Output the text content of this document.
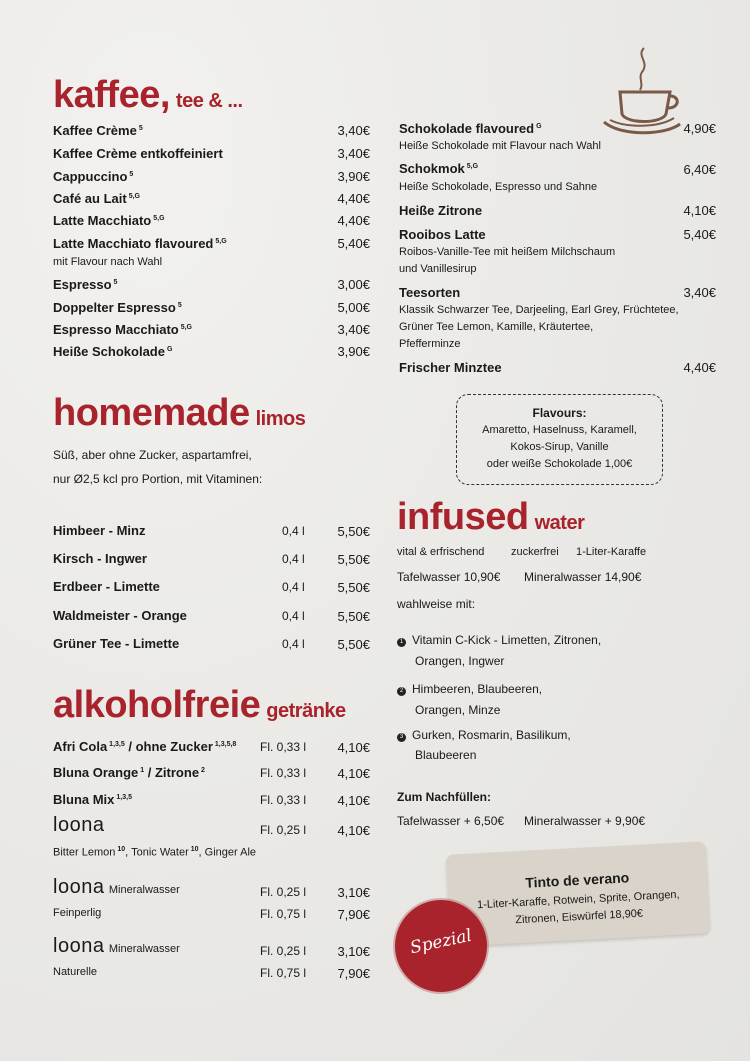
kaffee, tee & ...
Kaffee Crème $^5$	3,40€
Kaffee Crème entkoffeiniert	3,40€
Cappuccino $^5$	3,90€
Café au Lait $^{5,G}$	4,40€
Latte Macchiato $^{5,G}$	4,40€
Latte Macchiato flavoured $^{5,G}$	5,40€
mit Flavour nach Wahl
Espresso $^5$	3,00€
Doppelter Espresso $^5$	5,00€
Espresso Macchiato $^{5,G}$	3,40€
Heiße Schokolade $^G$	3,90€
Schokolade flavoured $^G$	4,90€
Heiße Schokolade mit Flavour nach Wahl
Schokmok $^{5,G}$	6,40€
Heiße Schokolade, Espresso und Sahne
Heiße Zitrone	4,10€
Rooibos Latte	5,40€
Roibos-Vanille-Tee mit heißem Milchschaum
und Vanillesirup
Teesorten	3,40€
Klassik Schwarzer Tee, Darjeeling, Earl Grey, Früchtetee,
Grüner Tee Lemon, Kamille, Kräutertee,
Pfefferminze
Frischer Minztee	4,40€
Flavours:
Amaretto, Haselnuss, Karamell,
Kokos-Sirup, Vanille
oder weiße Schokolade 1,00€
homemade limos
Süß, aber ohne Zucker, aspartamfrei,
nur Ø2,5 kcl pro Portion, mit Vitaminen:
Himbeer - Minz	0,4 l	5,50€
Kirsch - Ingwer	0,4 l	5,50€
Erdbeer - Limette	0,4 l	5,50€
Waldmeister - Orange	0,4 l	5,50€
Grüner Tee - Limette	0,4 l	5,50€
infused water
vital & erfrischend zuckerfrei 1-Liter-Karaffe
Tafelwasser 10,90€ Mineralwasser 14,90€
wahlweise mit:
1 Vitamin C-Kick - Limetten, Zitronen,
Orangen, Ingwer
2 Himbeeren, Blaubeeren,
Orangen, Minze
3 Gurken, Rosmarin, Basilikum,
Blaubeeren
Zum Nachfüllen:
Tafelwasser + 6,50€ Mineralwasser + 9,90€
alkoholfreie getränke
Afri Cola $^{1,3,5}$ / ohne Zucker $^{1,3,5,8}$ Fl. 0,33 l	4,10€
Bluna Orange $^1$ / Zitrone $^2$	Fl. 0,33 l	4,10€
Bluna Mix $^{1,3,5}$	Fl. 0,33 l	4,10€
loona	Fl. 0,25 l	4,10€
Bitter Lemon $^{10}$, Tonic Water $^{10}$, Ginger Ale
loona Mineralwasser	Fl. 0,25 l	3,10€
Feinperlig	Fl. 0,75 l	7,90€
loona Mineralwasser	Fl. 0,25 l	3,10€
Naturelle	Fl. 0,75 l	7,90€
Tinto de verano
1-Liter-Karaffe, Rotwein, Sprite, Orangen,
Zitronen, Eiswürfel 18,90€
Spezial
